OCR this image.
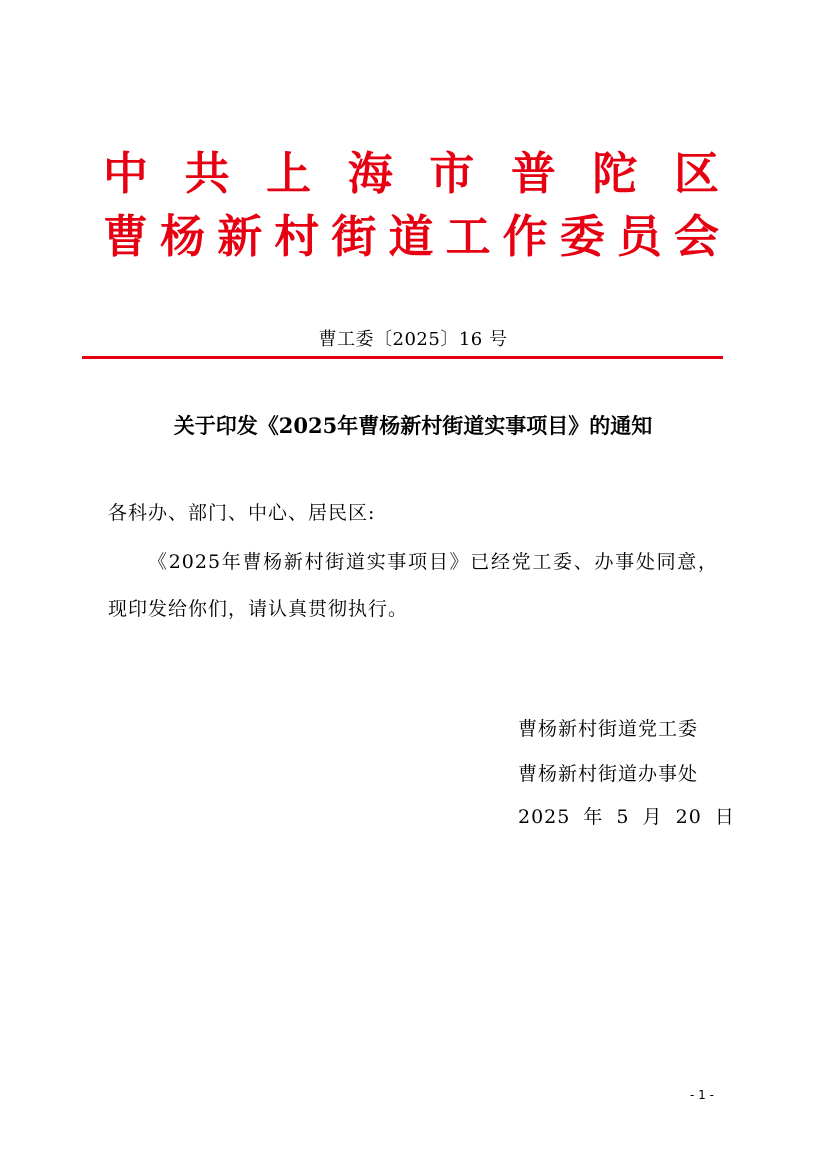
中 共 上 海 市 普 陀 区
曹 杨 新 村 街 道 工 作 委 员 会
曹工委〔2025〕16 号
关于印发《2025年曹杨新村街道实事项目》的通知
各科办、部门、中心、居民区:

《2025年曹杨新村街道实事项目》已经党工委、办事处同意，现印发给你们，请认真贯彻执行。

曹杨新村街道党工委
曹杨新村街道办事处
2025 年 5 月 20 日
- 1 -
